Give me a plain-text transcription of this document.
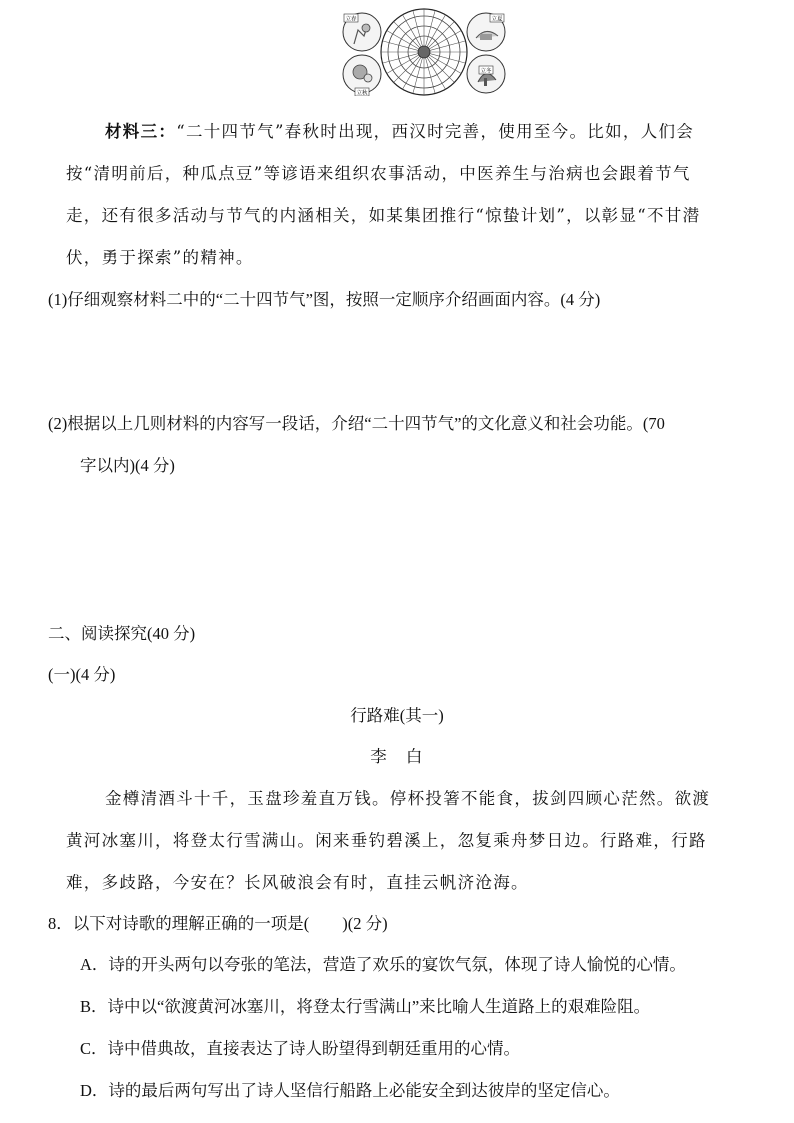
立春	立夏
立秋
立冬
材料三：“二十四节气”春秋时出现，西汉时完善，使用至今。比如，人们会
按“清明前后，种瓜点豆”等谚语来组织农事活动，中医养生与治病也会跟着节气
走，还有很多活动与节气的内涵相关，如某集团推行“惊蛰计划”，以彰显“不甘潜
伏，勇于探索”的精神。
(1)仔细观察材料二中的“二十四节气”图，按照一定顺序介绍画面内容。(4 分)
(2)根据以上几则材料的内容写一段话，介绍“二十四节气”的文化意义和社会功能。(70
字以内)(4 分)
二、阅读探究(40 分)
(一)(4 分)
行路难(其一)
李　白
金樽清酒斗十千，玉盘珍羞直万钱。停杯投箸不能食，拔剑四顾心茫然。欲渡
黄河冰塞川，将登太行雪满山。闲来垂钓碧溪上，忽复乘舟梦日边。行路难，行路
难，多歧路，今安在？长风破浪会有时，直挂云帆济沧海。
8．以下对诗歌的理解正确的一项是(　　)(2 分)
A．诗的开头两句以夸张的笔法，营造了欢乐的宴饮气氛，体现了诗人愉悦的心情。
B．诗中以“欲渡黄河冰塞川，将登太行雪满山”来比喻人生道路上的艰难险阻。
C．诗中借典故，直接表达了诗人盼望得到朝廷重用的心情。
D．诗的最后两句写出了诗人坚信行船路上必能安全到达彼岸的坚定信心。
